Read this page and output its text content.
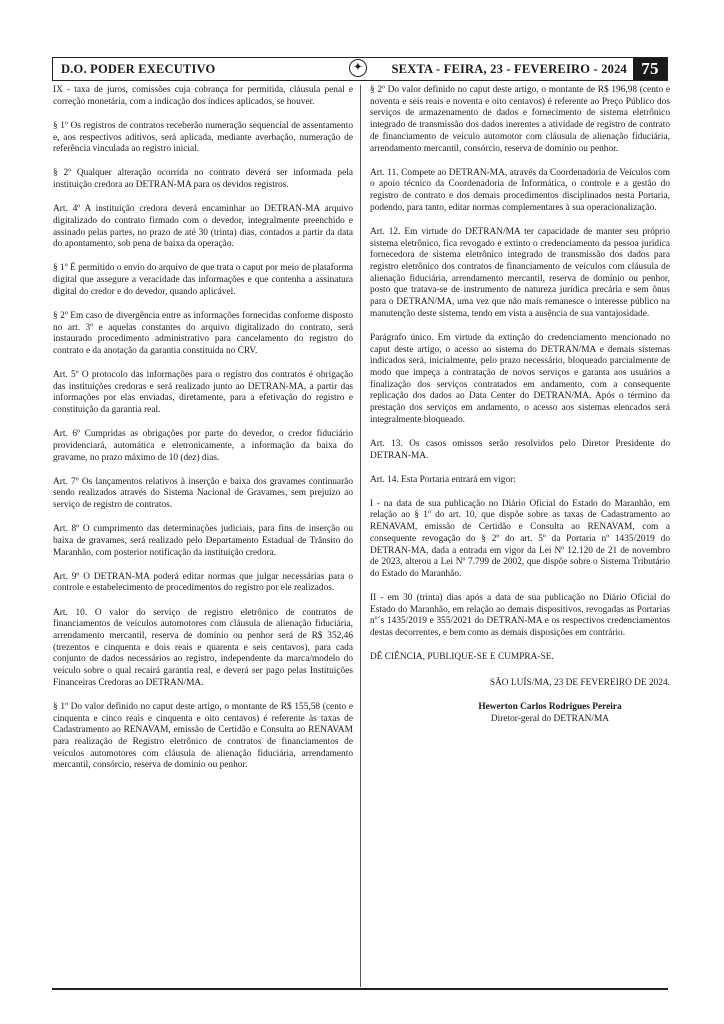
D.O. PODER EXECUTIVO	✦	SEXTA - FEIRA, 23 - FEVEREIRO - 2024 75

IX - taxa de juros, comissões cuja cobrança for permitida, cláusula penal e correção monetária, com a indicação dos índices aplicados, se houver.

§ 1º Os registros de contratos receberão numeração sequencial de assentamento e, aos respectivos aditivos, será aplicada, mediante averbação, numeração de referência vinculada ao registro inicial.

§ 2º Qualquer alteração ocorrida no contrato deverá ser informada pela instituição credora ao DETRAN-MA para os devidos registros.

Art. 4º A instituição credora deverá encaminhar ao DETRAN-MA arquivo digitalizado do contrato firmado com o devedor, integralmente preenchido e assinado pelas partes, no prazo de até 30 (trinta) dias, contados a partir da data do apontamento, sob pena de baixa da operação.

§ 1º É permitido o envio do arquivo de que trata o caput por meio de plataforma digital que assegure a veracidade das informações e que contenha a assinatura digital do credor e do devedor, quando aplicável.

§ 2º Em caso de divergência entre as informações fornecidas conforme disposto no art. 3º e aquelas constantes do arquivo digitalizado do contrato, será instaurado procedimento administrativo para cancelamento do registro do contrato e da anotação da garantia constituída no CRV.

Art. 5º O protocolo das informações para o registro dos contratos é obrigação das instituições credoras e será realizado junto ao DETRAN-MA, a partir das informações por elas enviadas, diretamente, para a efetivação do registro e constituição da garantia real.

Art. 6º Cumpridas as obrigações por parte do devedor, o credor fiduciário providenciará, automática e eletronicamente, a informação da baixa do gravame, no prazo máximo de 10 (dez) dias.

Art. 7º Os lançamentos relativos à inserção e baixa dos gravames continuarão sendo realizados através do Sistema Nacional de Gravames, sem prejuízo ao serviço de registro de contratos.

Art. 8º O cumprimento das determinações judiciais, para fins de inserção ou baixa de gravames, será realizado pelo Departamento Estadual de Trânsito do Maranhão, com posterior notificação da instituição credora.

Art. 9º O DETRAN-MA poderá editar normas que julgar necessárias para o controle e estabelecimento de procedimentos do registro por ele realizados.

Art. 10. O valor do serviço de registro eletrônico de contratos de financiamentos de veículos automotores com cláusula de alienação fiduciária, arrendamento mercantil, reserva de domínio ou penhor será de R$ 352,46 (trezentos e cinquenta e dois reais e quarenta e seis centavos), para cada conjunto de dados necessários ao registro, independente da marca/modelo do veículo sobre o qual recairá garantia real, e deverá ser pago pelas Instituições Financeiras Credoras ao DETRAN/MA.

§ 1º Do valor definido no caput deste artigo, o montante de R$ 155,58 (cento e cinquenta e cinco reais e cinquenta e oito centavos) é referente às taxas de Cadastramento ao RENAVAM, emissão de Certidão e Consulta ao RENAVAM para realização de Registro eletrônico de contratos de financiamentos de veículos automotores com cláusula de alienação fiduciária, arrendamento mercantil, consórcio, reserva de domínio ou penhor.

§ 2º Do valor definido no caput deste artigo, o montante de R$ 196,98 (cento e noventa e seis reais e noventa e oito centavos) é referente ao Preço Público dos serviços de armazenamento de dados e fornecimento de sistema eletrônico integrado de transmissão dos dados inerentes a atividade de registro de contrato de financiamento de veículo automotor com cláusula de alienação fiduciária, arrendamento mercantil, consórcio, reserva de domínio ou penhor.

Art. 11. Compete ao DETRAN-MA, através da Coordenadoria de Veículos com o apoio técnico da Coordenadoria de Informática, o controle e a gestão do registro de contrato e dos demais procedimentos disciplinados nesta Portaria, podendo, para tanto, editar normas complementares à sua operacionalização.

Art. 12. Em virtude do DETRAN/MA ter capacidade de manter seu próprio sistema eletrônico, fica revogado e extinto o credenciamento da pessoa jurídica fornecedora de sistema eletrônico integrado de transmissão dos dados para registro eletrônico dos contratos de financiamento de veículos com cláusula de alienação fiduciária, arrendamento mercantil, reserva de domínio ou penhor, posto que tratava-se de instrumento de natureza jurídica precária e sem ônus para o DETRAN/MA, uma vez que não mais remanesce o interesse público na manutenção deste sistema, tendo em vista a ausência de sua vantajosidade.

Parágrafo único. Em virtude da extinção do credenciamento mencionado no caput deste artigo, o acesso ao sistema do DETRAN/MA e demais sistemas indicados será, inicialmente, pelo prazo necessário, bloqueado parcialmente de modo que impeça a contratação de novos serviços e garanta aos usuários a finalização dos serviços contratados em andamento, com a consequente replicação dos dados ao Data Center do DETRAN/MA. Após o término da prestação dos serviços em andamento, o acesso aos sistemas elencados será integralmente bloqueado.

Art. 13. Os casos omissos serão resolvidos pelo Diretor Presidente do DETRAN-MA.

Art. 14. Esta Portaria entrará em vigor:

I - na data de sua publicação no Diário Oficial do Estado do Maranhão, em relação ao § 1º do art. 10, que dispõe sobre as taxas de Cadastramento ao RENAVAM, emissão de Certidão e Consulta ao RENAVAM, com a consequente revogação do § 2º do art. 5º da Portaria nº 1435/2019 do DETRAN-MA, dada a entrada em vigor da Lei Nº 12.120 de 21 de novembro de 2023, alterou a Lei Nº 7.799 de 2002, que dispõe sobre o Sistema Tributário do Estado do Maranhão.

II - em 30 (trinta) dias após a data de sua publicação no Diário Oficial do Estado do Maranhão, em relação ao demais dispositivos, revogadas as Portarias nº´s 1435/2019 e 355/2021 do DETRAN-MA e os respectivos credenciamentos destas decorrentes, e bem como as demais disposições em contrário.

DÊ CIÊNCIA, PUBLIQUE-SE E CUMPRA-SE.

SÃO LUÍS/MA, 23 DE FEVEREIRO DE 2024.

Hewerton Carlos Rodrigues Pereira

Diretor-geral do DETRAN/MA
